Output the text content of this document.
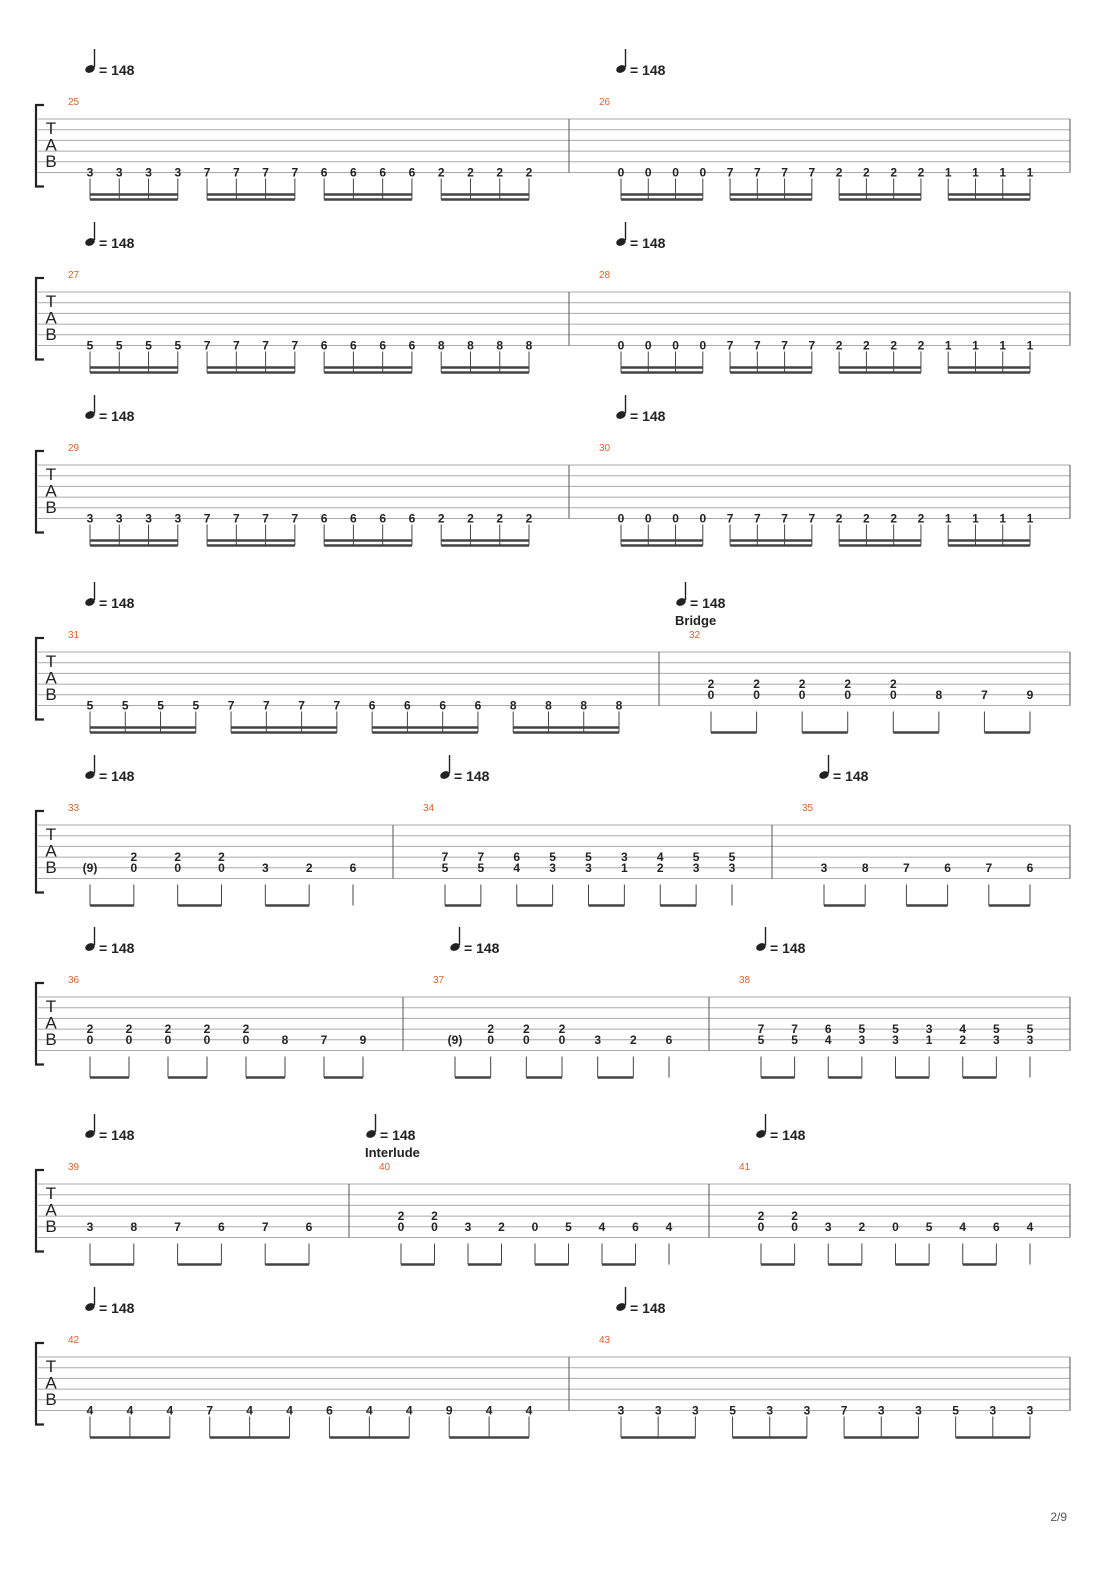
T
A
B
25
= 148
3 3 3 3 7 7 7 7 6 6 6 6 2 2 2 2
26
= 148
0 0 0 0 7 7 7 7 2 2 2 2 1 1 1 1
T
A
B
27
= 148
5 5 5 5 7 7 7 7 6 6 6 6 8 8 8 8
28
= 148
0 0 0 0 7 7 7 7 2 2 2 2 1 1 1 1
T
A
B
29
= 148
3 3 3 3 7 7 7 7 6 6 6 6 2 2 2 2
30
= 148
0 0 0 0 7 7 7 7 2 2 2 2 1 1 1 1
T
A
B
31
= 148
5 5 5 5 7 7 7 7 6 6 6 6 8 8 8 8
32
= 148
Bridge
2
0
2
0
2
0
2
0
2
0	8	7	9
T
A
B
33
= 148
(9)
2
0
2
0
2
0	3	2	6
34
= 148
7
5
7
5
6
4
5
3
5
3
3
1
4
2
5
3
5
3
35
= 148
3	8	7	6	7	6
T
A
B
36
= 148
2
0
2
0
2
0
2
0
2
0	8	7	9
37
= 148
(9)
2
0
2
0
2
0 3 2 6
38
= 148
7
5
7
5
6
4
5
3
5
3
3
1
4
2
5
3
5
3
T
A
B
39
= 148
3	8	7	6	7	6
40
= 148
Interlude
2
0
2
0 3 2 0 5 4 6 4
41
= 148
2
0
2
0 3 2 0 5 4 6 4
T
A
B
42
= 148
4	4	4	7	4	4	6	4	4	9	4	4
43
= 148
3	3	3	5	3	3	7	3	3	5	3	3
2/9
